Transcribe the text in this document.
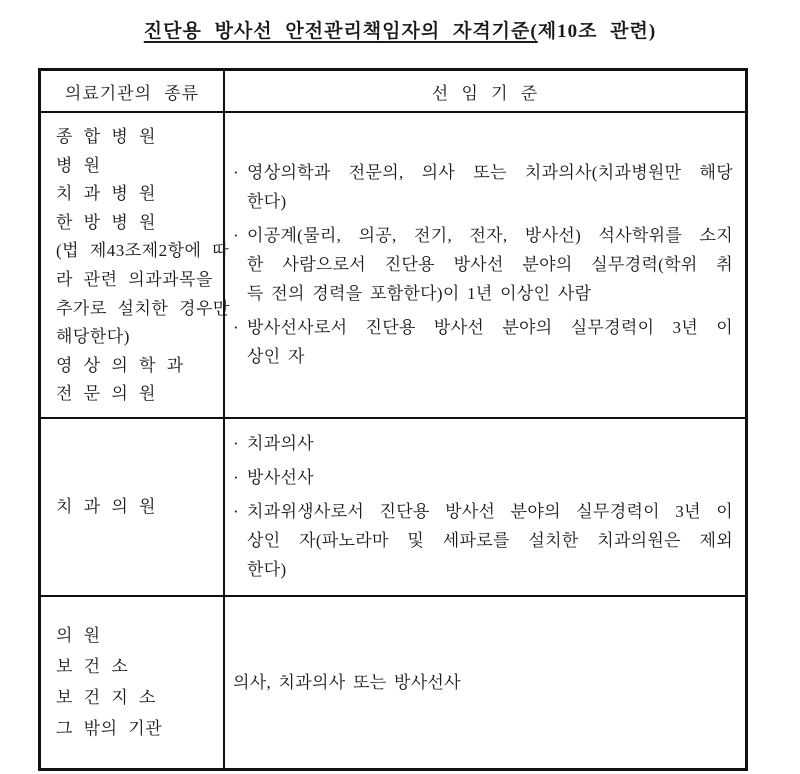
진단용 방사선 안전관리책임자의 자격기준(제10조 관련)
의료기관의 종류	선 임 기 준
종 합 병 원
병 원
치 과 병 원
한 방 병 원
(법 제43조제2항에 따
라 관련 의과과목을
추가로 설치한 경우만
해당한다)
영 상 의 학 과
전 문 의 원
· 영상의학과 전문의, 의사 또는 치과의사(치과병원만 해당
한다)
· 이공계(물리, 의공, 전기, 전자, 방사선) 석사학위를 소지
한 사람으로서 진단용 방사선 분야의 실무경력(학위 취
득 전의 경력을 포함한다)이 1년 이상인 사람
· 방사선사로서 진단용 방사선 분야의 실무경력이 3년 이
상인 자
치 과 의 원
· 치과의사
· 방사선사
· 치과위생사로서 진단용 방사선 분야의 실무경력이 3년 이
상인 자(파노라마 및 세파로를 설치한 치과의원은 제외
한다)
의 원
보 건 소
보 건 지 소
그 밖의 기관
의사, 치과의사 또는 방사선사
